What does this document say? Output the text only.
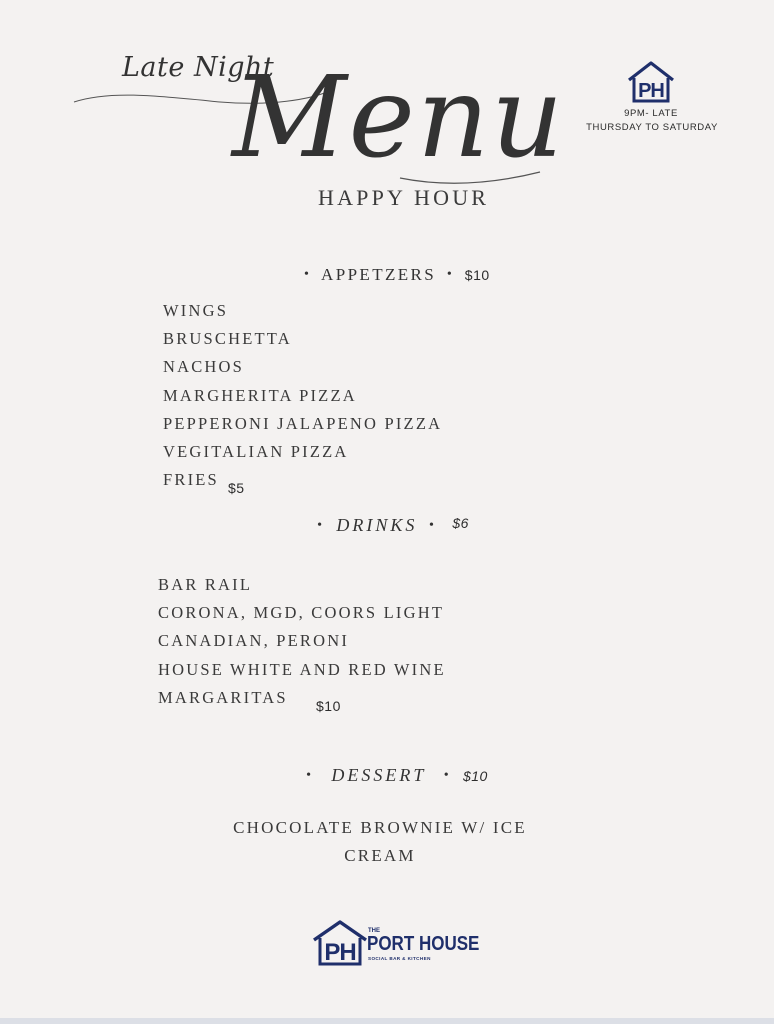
Late Night
Menu
HAPPY HOUR
PH
9PM- LATE
THURSDAY TO SATURDAY
• APPETZERS • $10
WINGS
BRUSCHETTA
NACHOS
MARGHERITA PIZZA
PEPPERONI JALAPENO PIZZA
VEGITALIAN PIZZA
FRIES $5
• DRINKS • $6
BAR RAIL
CORONA, MGD, COORS LIGHT
CANADIAN, PERONI
HOUSE WHITE AND RED WINE
MARGARITAS	$10
• DESSERT • $10
CHOCOLATE BROWNIE W/ ICE
CREAM
PH
THE
PORT HOUSE
SOCIAL BAR & KITCHEN
